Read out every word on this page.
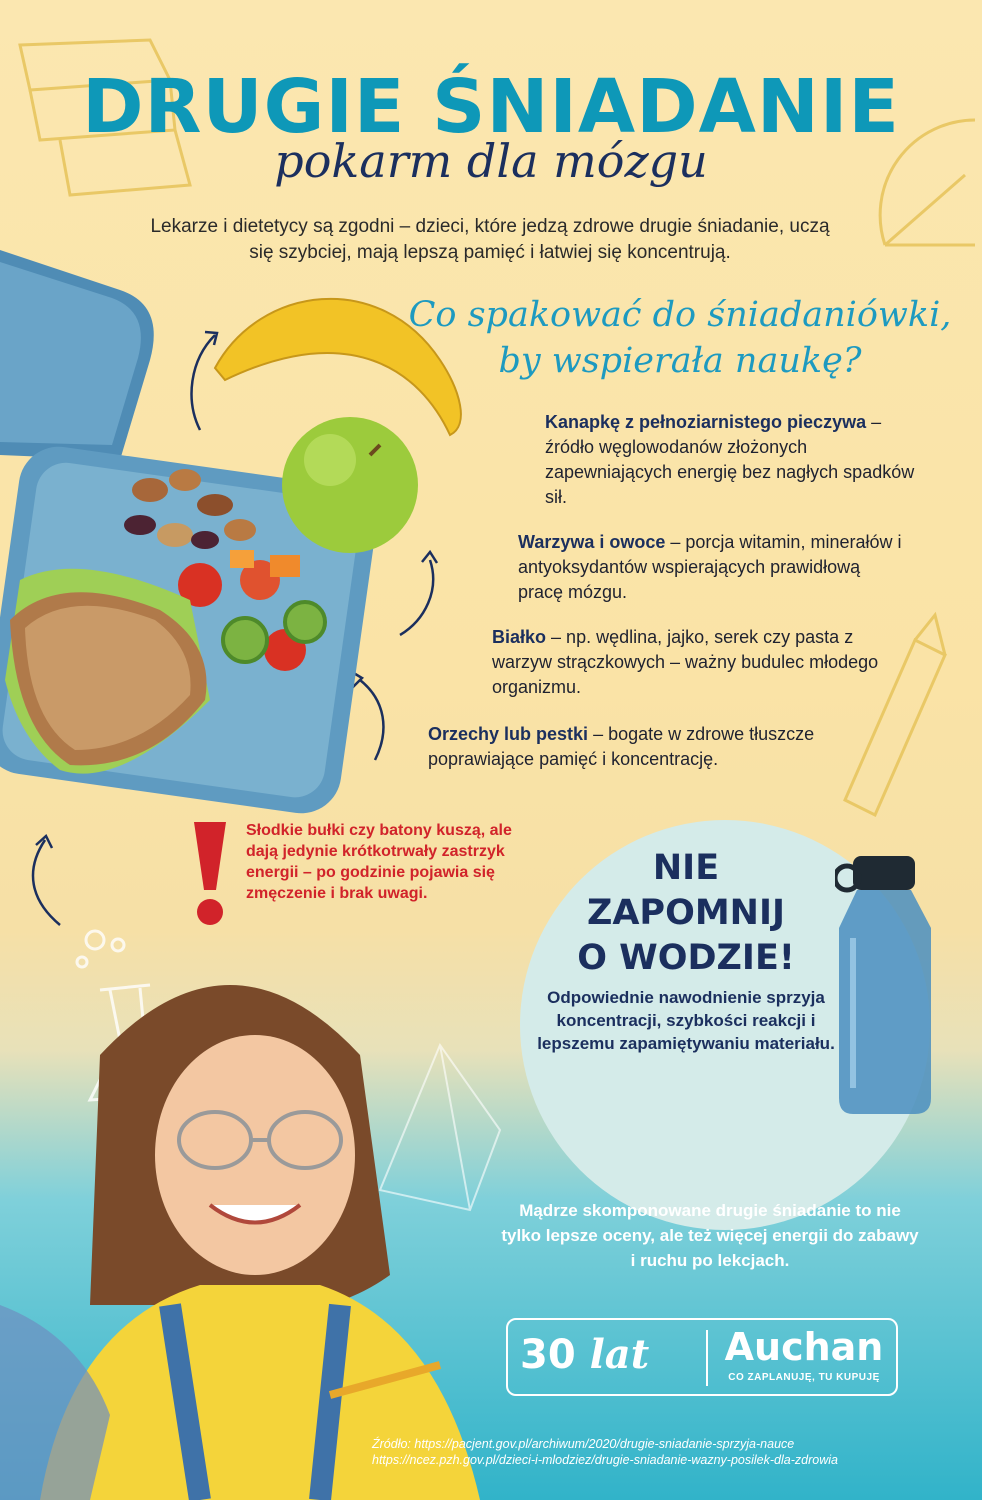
DRUGIE ŚNIADANIE
pokarm dla mózgu
Lekarze i dietetycy są zgodni – dzieci, które jedzą zdrowe drugie śniadanie, uczą się szybciej, mają lepszą pamięć i łatwiej się koncentrują.
Co spakować do śniadaniówki,
by wspierała naukę?
Kanapkę z pełnoziarnistego pieczywa – źródło węglowodanów złożonych zapewniających energię bez nagłych spadków sił.
Warzywa i owoce – porcja witamin, minerałów i antyoksydantów wspierających prawidłową pracę mózgu.
Białko – np. wędlina, jajko, serek czy pasta z warzyw strączkowych – ważny budulec młodego organizmu.
Orzechy lub pestki – bogate w zdrowe tłuszcze poprawiające pamięć i koncentrację.
Słodkie bułki czy batony kuszą, ale dają jedynie krótkotrwały zastrzyk energii – po godzinie pojawia się zmęczenie i brak uwagi.
NIE
ZAPOMNIJ
O WODZIE!
Odpowiednie nawodnienie sprzyja koncentracji, szybkości reakcji i lepszemu zapamiętywaniu materiału.
Mądrze skomponowane drugie śniadanie to nie tylko lepsze oceny, ale też więcej energii do zabawy i ruchu po lekcjach.
30 lat	Auchan
CO ZAPLANUJĘ, TU KUPUJĘ
Źródło: https://pacjent.gov.pl/archiwum/2020/drugie-sniadanie-sprzyja-nauce
https://ncez.pzh.gov.pl/dzieci-i-mlodziez/drugie-sniadanie-wazny-posilek-dla-zdrowia
